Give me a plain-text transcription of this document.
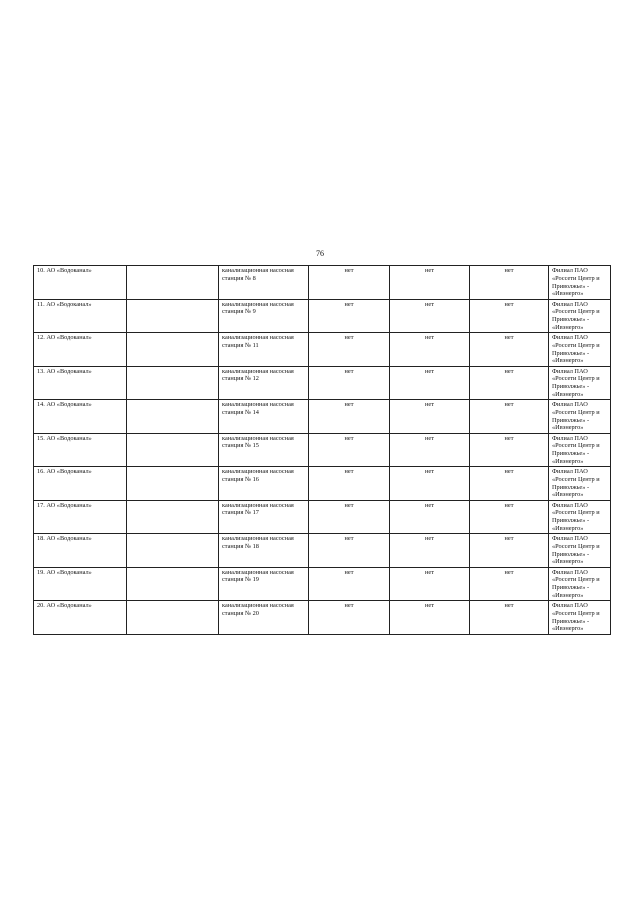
76
10. АО «Водоканал»		канализационная насосная станция № 8	нет	нет	нет	Филиал ПАО «Россети Центр и Приволжье» - «Ивэнерго»
11. АО «Водоканал»		канализационная насосная станция № 9	нет	нет	нет	Филиал ПАО «Россети Центр и Приволжье» - «Ивэнерго»
12. АО «Водоканал»		канализационная насосная станция № 11	нет	нет	нет	Филиал ПАО «Россети Центр и Приволжье» - «Ивэнерго»
13. АО «Водоканал»		канализационная насосная станция № 12	нет	нет	нет	Филиал ПАО «Россети Центр и Приволжье» - «Ивэнерго»
14. АО «Водоканал»		канализационная насосная станция № 14	нет	нет	нет	Филиал ПАО «Россети Центр и Приволжье» - «Ивэнерго»
15. АО «Водоканал»		канализационная насосная станция № 15	нет	нет	нет	Филиал ПАО «Россети Центр и Приволжье» - «Ивэнерго»
16. АО «Водоканал»		канализационная насосная станция № 16	нет	нет	нет	Филиал ПАО «Россети Центр и Приволжье» - «Ивэнерго»
17. АО «Водоканал»		канализационная насосная станция № 17	нет	нет	нет	Филиал ПАО «Россети Центр и Приволжье» - «Ивэнерго»
18. АО «Водоканал»		канализационная насосная станция № 18	нет	нет	нет	Филиал ПАО «Россети Центр и Приволжье» - «Ивэнерго»
19. АО «Водоканал»		канализационная насосная станция № 19	нет	нет	нет	Филиал ПАО «Россети Центр и Приволжье» - «Ивэнерго»
20. АО «Водоканал»		канализационная насосная станция № 20	нет	нет	нет	Филиал ПАО «Россети Центр и Приволжье» - «Ивэнерго»
